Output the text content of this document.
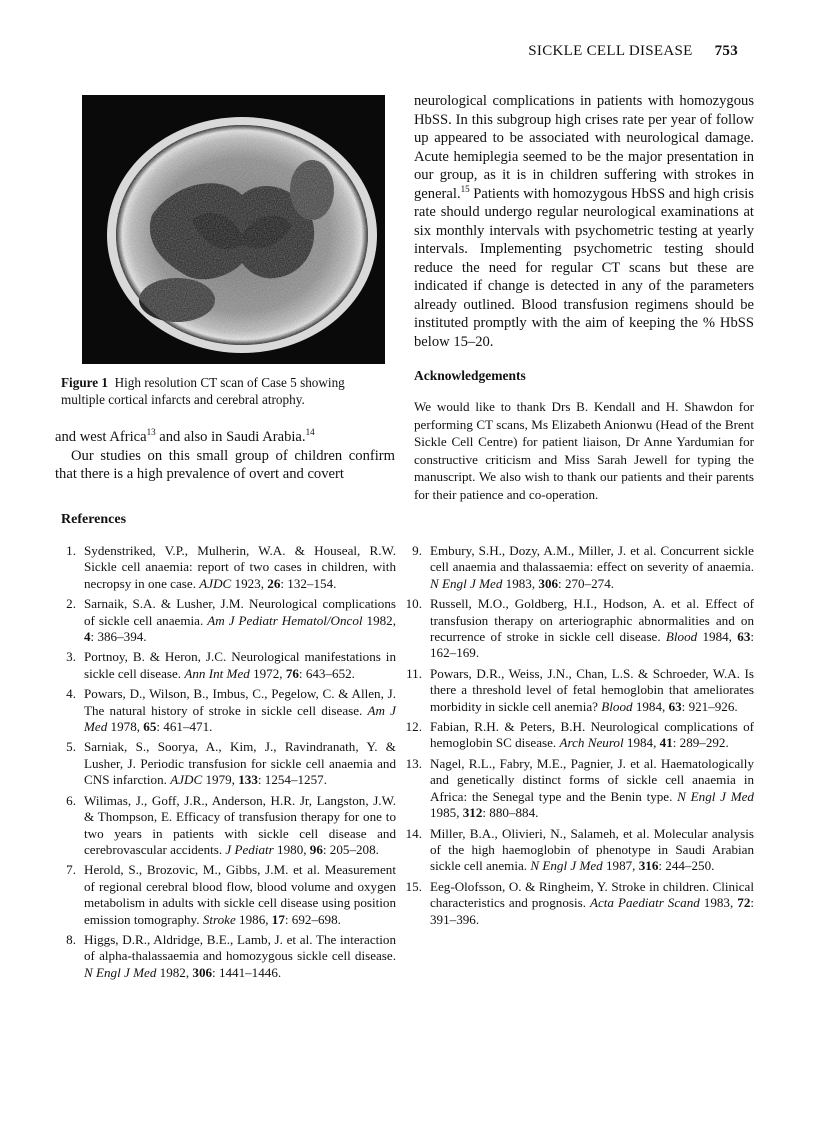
SICKLE CELL DISEASE 753
Figure 1 High resolution CT scan of Case 5 showing multiple cortical infarcts and cerebral atrophy.

and west Africa$^{13}$ and also in Saudi Arabia.$^{14}$

Our studies on this small group of children confirm that there is a high prevalence of overt and covert

neurological complications in patients with homozygous HbSS. In this subgroup high crises rate per year of follow up appeared to be associated with neurological damage. Acute hemiplegia seemed to be the major presentation in our group, as it is in children suffering with strokes in general.$^{15}$ Patients with homozygous HbSS and high crisis rate should undergo regular neurological examinations at six monthly intervals with psychometric testing at yearly intervals. Implementing psychometric testing should reduce the need for regular CT scans but these are indicated if change is detected in any of the parameters already outlined. Blood transfusion regimens should be instituted promptly with the aim of keeping the % HbSS below 15–20.

Acknowledgements
We would like to thank Drs B. Kendall and H. Shawdon for performing CT scans, Ms Elizabeth Anionwu (Head of the Brent Sickle Cell Centre) for patient liaison, Dr Anne Yardumian for constructive criticism and Miss Sarah Jewell for typing the manuscript. We also wish to thank our patients and their parents for their patience and co-operation.
References
1. Sydenstriked, V.P., Mulherin, W.A. & Houseal, R.W. Sickle cell anaemia: report of two cases in children, with necropsy in one case. AJDC 1923, 26: 132–154.
2. Sarnaik, S.A. & Lusher, J.M. Neurological complications of sickle cell anaemia. Am J Pediatr Hematol/Oncol 1982, 4: 386–394.
3. Portnoy, B. & Heron, J.C. Neurological manifestations in sickle cell disease. Ann Int Med 1972, 76: 643–652.
4. Powars, D., Wilson, B., Imbus, C., Pegelow, C. & Allen, J. The natural history of stroke in sickle cell disease. Am J Med 1978, 65: 461–471.
5. Sarniak, S., Soorya, A., Kim, J., Ravindranath, Y. & Lusher, J. Periodic transfusion for sickle cell anaemia and CNS infarction. AJDC 1979, 133: 1254–1257.
6. Wilimas, J., Goff, J.R., Anderson, H.R. Jr, Langston, J.W. & Thompson, E. Efficacy of transfusion therapy for one to two years in patients with sickle cell disease and cerebrovascular accidents. J Pediatr 1980, 96: 205–208.
7. Herold, S., Brozovic, M., Gibbs, J.M. et al. Measurement of regional cerebral blood flow, blood volume and oxygen metabolism in adults with sickle cell disease using position emission tomography. Stroke 1986, 17: 692–698.
8. Higgs, D.R., Aldridge, B.E., Lamb, J. et al. The interaction of alpha-thalassaemia and homozygous sickle cell disease. N Engl J Med 1982, 306: 1441–1446.
9. Embury, S.H., Dozy, A.M., Miller, J. et al. Concurrent sickle cell anaemia and thalassaemia: effect on severity of anaemia. N Engl J Med 1983, 306: 270–274.
10. Russell, M.O., Goldberg, H.I., Hodson, A. et al. Effect of transfusion therapy on arteriographic abnormalities and on recurrence of stroke in sickle cell disease. Blood 1984, 63: 162–169.
11. Powars, D.R., Weiss, J.N., Chan, L.S. & Schroeder, W.A. Is there a threshold level of fetal hemoglobin that ameliorates morbidity in sickle cell anemia? Blood 1984, 63: 921–926.
12. Fabian, R.H. & Peters, B.H. Neurological complications of hemoglobin SC disease. Arch Neurol 1984, 41: 289–292.
13. Nagel, R.L., Fabry, M.E., Pagnier, J. et al. Haematologically and genetically distinct forms of sickle cell anaemia in Africa: the Senegal type and the Benin type. N Engl J Med 1985, 312: 880–884.
14. Miller, B.A., Olivieri, N., Salameh, et al. Molecular analysis of the high haemoglobin of phenotype in Saudi Arabian sickle cell anemia. N Engl J Med 1987, 316: 244–250.
15. Eeg-Olofsson, O. & Ringheim, Y. Stroke in children. Clinical characteristics and prognosis. Acta Paediatr Scand 1983, 72: 391–396.
